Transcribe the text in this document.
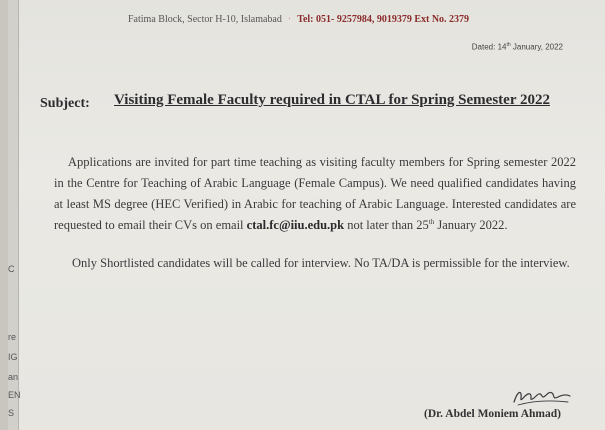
C
re
IG
an
EN
S
Fatima Block, Sector H-10, Islamabad · Tel: 051- 9257984, 9019379 Ext No. 2379
Dated: 14th January, 2022
Subject: Visiting Female Faculty required in CTAL for Spring Semester 2022

Applications are invited for part time teaching as visiting faculty members for Spring semester 2022 in the Centre for Teaching of Arabic Language (Female Campus). We need qualified candidates having at least MS degree (HEC Verified) in Arabic for teaching of Arabic Language. Interested candidates are requested to email their CVs on email ctal.fc@iiu.edu.pk not later than 25th January 2022.

Only Shortlisted candidates will be called for interview. No TA/DA is permissible for the interview.

(Dr. Abdel Moniem Ahmad)
